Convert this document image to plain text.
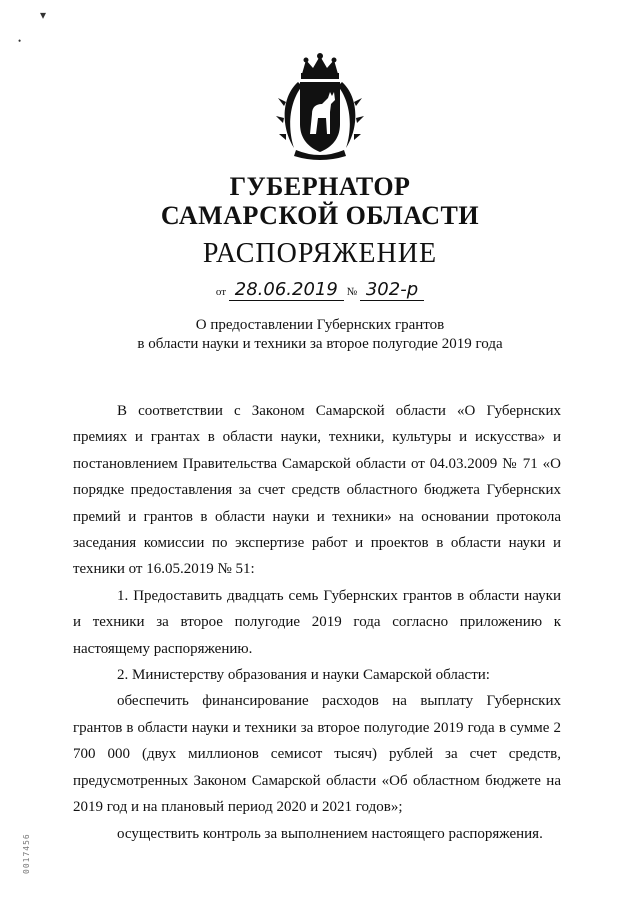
▾
•
ГУБЕРНАТОР
САМАРСКОЙ ОБЛАСТИ
РАСПОРЯЖЕНИЕ
от 28.06.2019 № 302-р
О предоставлении Губернских грантов
в области науки и техники за второе полугодие 2019 года

В соответствии с Законом Самарской области «О Губернских премиях и грантах в области науки, техники, культуры и искусства» и постановлением Правительства Самарской области от 04.03.2009 № 71 «О порядке предоставления за счет средств областного бюджета Губернских премий и грантов в области науки и техники» на основании протокола заседания комиссии по экспертизе работ и проектов в области науки и техники от 16.05.2019 № 51:

1. Предоставить двадцать семь Губернских грантов в области науки и техники за второе полугодие 2019 года согласно приложению к настоящему распоряжению.

2. Министерству образования и науки Самарской области:

обеспечить финансирование расходов на выплату Губернских грантов в области науки и техники за второе полугодие 2019 года в сумме 2 700 000 (двух миллионов семисот тысяч) рублей за счет средств, предусмотренных Законом Самарской области «Об областном бюджете на 2019 год и на плановый период 2020 и 2021 годов»;

осуществить контроль за выполнением настоящего распоряжения.

0017456
